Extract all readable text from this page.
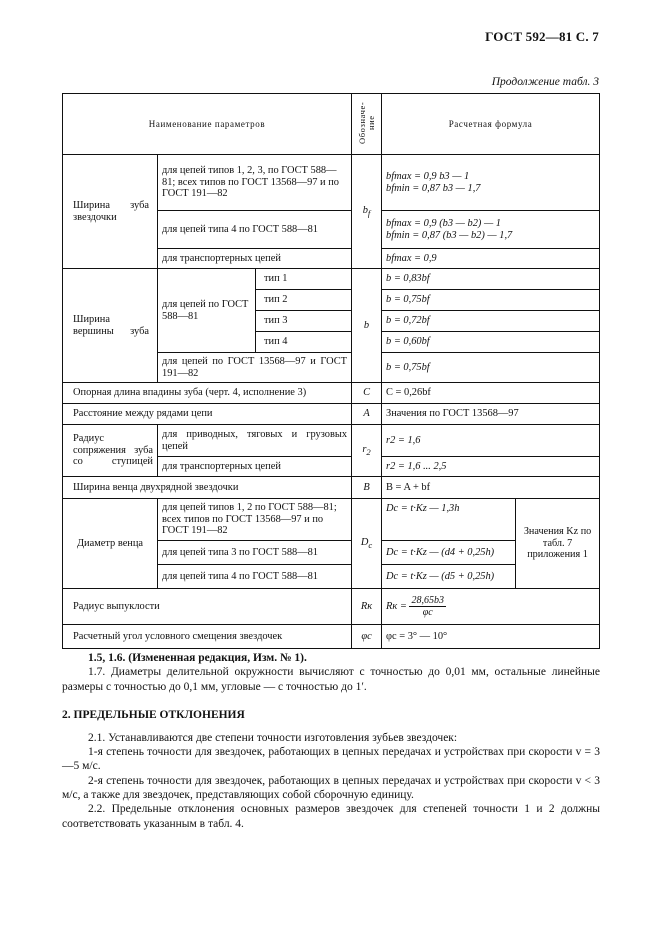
ГОСТ 592—81 С. 7
Продолжение табл. 3
Наименование параметров			Обозначе-ние	Расчетная формула	
Ширина зуба звездочки	для цепей типов 1, 2, 3, по ГОСТ 588—81; всех типов по ГОСТ 13568—97 и по ГОСТ 191—82		$b_f$	bfmax = 0,9 b3 — 1
bfmin = 0,87 b3 — 1,7	
	для цепей типа 4 по ГОСТ 588—81			bfmax = 0,9 (b3 — b2) — 1
bfmin = 0,87 (b3 — b2) — 1,7	
	для транспортерных цепей			bfmax = 0,9	
Ширина вершины зуба	для цепей по ГОСТ 588—81	тип 1	b	b = 0,83bf	
		тип 2		b = 0,75bf	
		тип 3		b = 0,72bf	
		тип 4		b = 0,60bf	
	для цепей по ГОСТ 13568—97 и ГОСТ 191—82			b = 0,75bf	
Опорная длина впадины зуба (черт. 4, исполнение 3)			C	C = 0,26bf	
Расстояние между рядами цепи			A	Значения по ГОСТ 13568—97	
Радиус сопряжения зуба со ступицей	для приводных, тяговых и грузовых цепей		$r_2$	r2 = 1,6	
	для транспортерных цепей			r2 = 1,6 ... 2,5	
Ширина венца двухрядной звездочки			B	B = A + bf	
Диаметр венца	для цепей типов 1, 2 по ГОСТ 588—81; всех типов по ГОСТ 13568—97 и по ГОСТ 191—82		$D_c$	Dc = t·Kz — 1,3h	Значения Kz по табл. 7 приложения 1
	для цепей типа 3 по ГОСТ 588—81			Dc = t·Kz — (d4 + 0,25h)	
	для цепей типа 4 по ГОСТ 588—81			Dc = t·Kz — (d5 + 0,25h)	
Радиус выпуклости			Rк	Rк = $\frac{28,65b3}{\varphi c}$

Расчетный угол условного смещения звездочек			φc	φc = 3° — 10°	

1.5, 1.6. (Измененная редакция, Изм. № 1).

1.7. Диаметры делительной окружности вычисляют с точностью до 0,01 мм, остальные линейные размеры с точностью до 0,1 мм, угловые — с точностью до 1′.

2. ПРЕДЕЛЬНЫЕ ОТКЛОНЕНИЯ

2.1. Устанавливаются две степени точности изготовления зубьев звездочек:

1-я степень точности для звездочек, работающих в цепных передачах и устройствах при скорости v = 3—5 м/с.

2-я степень точности для звездочек, работающих в цепных передачах и устройствах при скорости v < 3 м/с, а также для звездочек, представляющих собой сборочную единицу.

2.2. Предельные отклонения основных размеров звездочек для степеней точности 1 и 2 должны соответствовать указанным в табл. 4.
